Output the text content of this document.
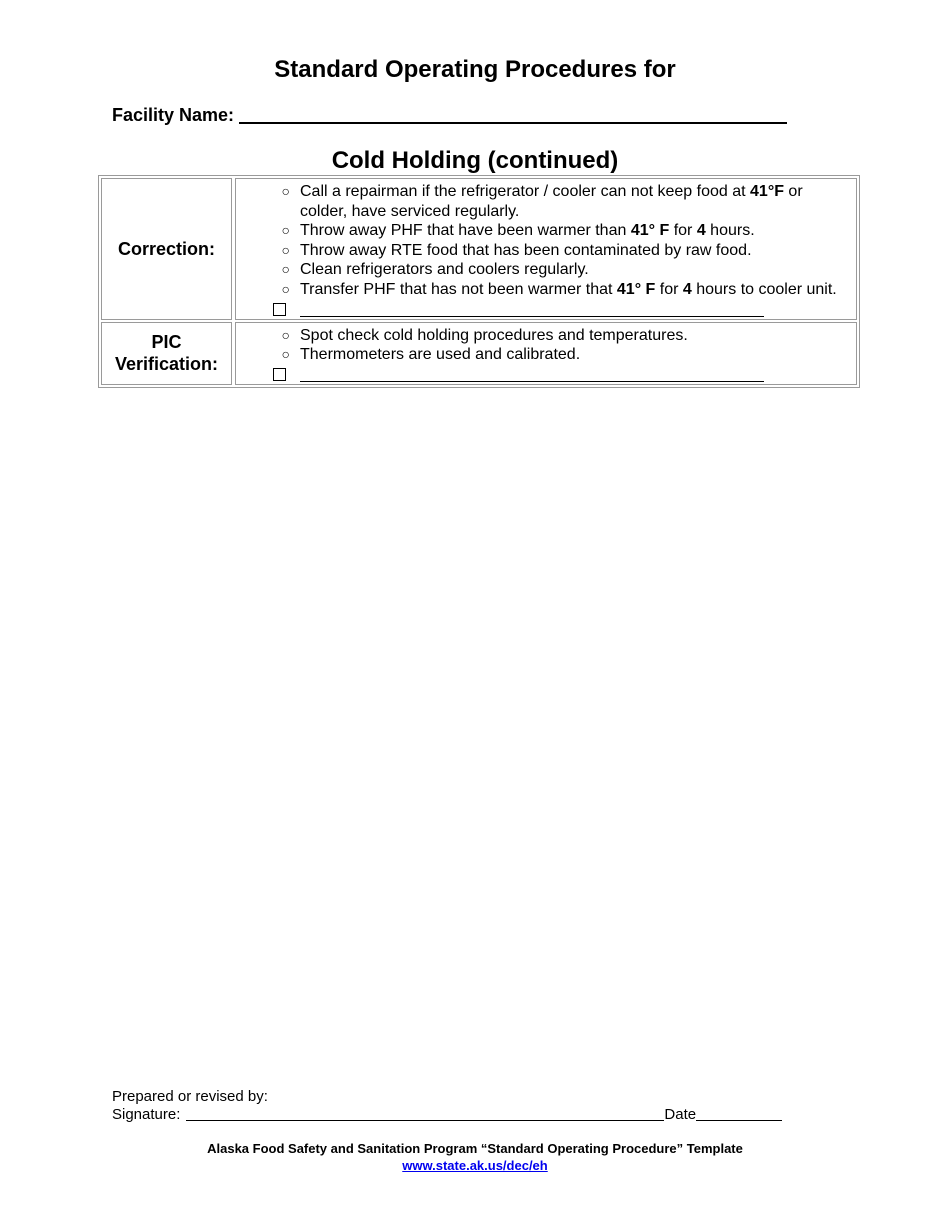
Standard Operating Procedures for
Facility Name:
Cold Holding (continued)
Correction:
○ Call a repairman if the refrigerator / cooler can not keep food at 41°F or colder, have serviced regularly.
○ Throw away PHF that have been warmer than 41° F for 4 hours.
○ Throw away RTE food that has been contaminated by raw food.
○ Clean refrigerators and coolers regularly.
○ Transfer PHF that has not been warmer that 41° F for 4 hours to cooler unit.
PIC
Verification:
○ Spot check cold holding procedures and temperatures.
○ Thermometers are used and calibrated.
Prepared or revised by:
Signature:	Date
Alaska Food Safety and Sanitation Program “Standard Operating Procedure” Template
www.state.ak.us/dec/eh
